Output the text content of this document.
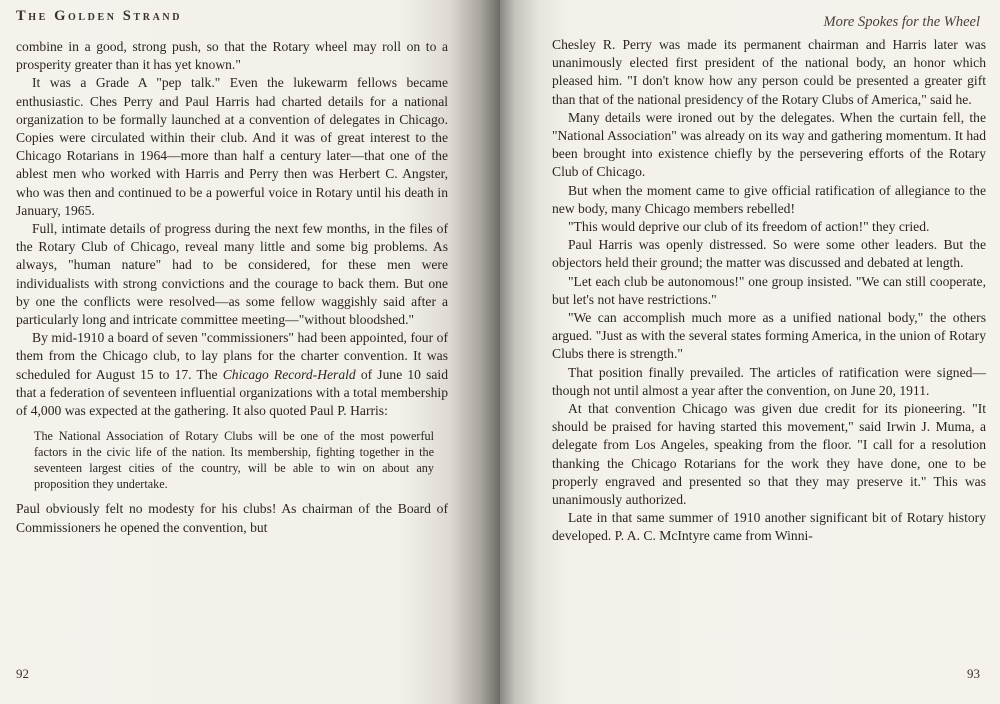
The Golden Strand

combine in a good, strong push, so that the Rotary wheel may roll on to a prosperity greater than it has yet known."

It was a Grade A "pep talk." Even the lukewarm fellows became enthusiastic. Ches Perry and Paul Harris had charted details for a national organization to be formally launched at a convention of delegates in Chicago. Copies were circulated within their club. And it was of great interest to the Chicago Rotarians in 1964—more than half a century later—that one of the ablest men who worked with Harris and Perry then was Herbert C. Angster, who was then and continued to be a powerful voice in Rotary until his death in January, 1965.

Full, intimate details of progress during the next few months, in the files of the Rotary Club of Chicago, reveal many little and some big problems. As always, "human nature" had to be considered, for these men were individualists with strong convictions and the courage to back them. But one by one the conflicts were resolved—as some fellow waggishly said after a particularly long and intricate committee meeting—"without bloodshed."

By mid-1910 a board of seven "commissioners" had been appointed, four of them from the Chicago club, to lay plans for the charter convention. It was scheduled for August 15 to 17. The Chicago Record-Herald of June 10 said that a federation of seventeen influential organizations with a total membership of 4,000 was expected at the gathering. It also quoted Paul P. Harris:

The National Association of Rotary Clubs will be one of the most powerful factors in the civic life of the nation. Its membership, fighting together in the seventeen largest cities of the country, will be able to win on about any proposition they undertake.

Paul obviously felt no modesty for his clubs! As chairman of the Board of Commissioners he opened the convention, but

92
More Spokes for the Wheel

Chesley R. Perry was made its permanent chairman and Harris later was unanimously elected first president of the national body, an honor which pleased him. "I don't know how any person could be presented a greater gift than that of the national presidency of the Rotary Clubs of America," said he.

Many details were ironed out by the delegates. When the curtain fell, the "National Association" was already on its way and gathering momentum. It had been brought into existence chiefly by the persevering efforts of the Rotary Club of Chicago.

But when the moment came to give official ratification of allegiance to the new body, many Chicago members rebelled!

"This would deprive our club of its freedom of action!" they cried.

Paul Harris was openly distressed. So were some other leaders. But the objectors held their ground; the matter was discussed and debated at length.

"Let each club be autonomous!" one group insisted. "We can still cooperate, but let's not have restrictions."

"We can accomplish much more as a unified national body," the others argued. "Just as with the several states forming America, in the union of Rotary Clubs there is strength."

That position finally prevailed. The articles of ratification were signed—though not until almost a year after the convention, on June 20, 1911.

At that convention Chicago was given due credit for its pioneering. "It should be praised for having started this movement," said Irwin J. Muma, a delegate from Los Angeles, speaking from the floor. "I call for a resolution thanking the Chicago Rotarians for the work they have done, one to be properly engraved and presented so that they may preserve it." This was unanimously authorized.

Late in that same summer of 1910 another significant bit of Rotary history developed. P. A. C. McIntyre came from Winni-

93
